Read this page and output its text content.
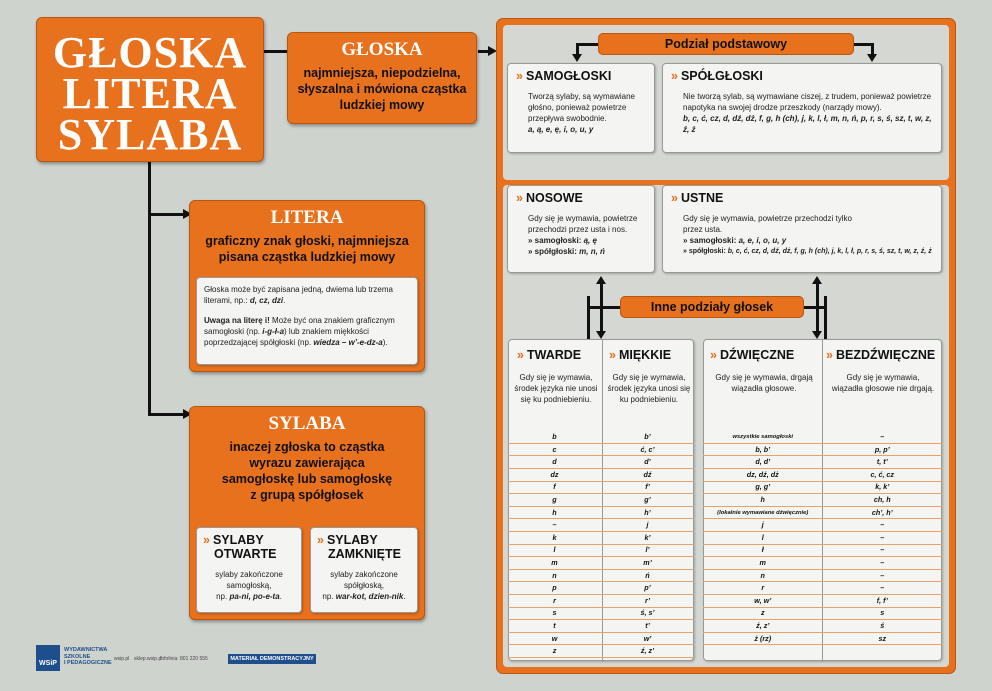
GŁOSKA
LITERA
SYLABA
GŁOSKA
najmniejsza, niepodzielna, słyszalna i mówiona cząstka ludzkiej mowy
LITERA
graficzny znak głoski, najmniejsza pisana cząstka ludzkiej mowy
Głoska może być zapisana jedną, dwiema lub trzema literami, np.: d, cz, dzi.
Uwaga na literę i! Może być ona znakiem graficznym samogłoski (np. i-g-ł-a) lub znakiem miękkości poprzedzającej spółgłoski (np. wiedza – w’-e-dz-a).
SYLABA
inaczej zgłoska to cząstka wyrazu zawierająca samogłoskę lub samogłoskę z grupą spółgłosek
» SYLABY
OTWARTE
sylaby zakończone samogłoską,
np. pa-ni, po-e-ta.
» SYLABY
ZAMKNIĘTE
sylaby zakończone spółgłoską,
np. war-kot, dzien-nik.
Podział podstawowy
» SAMOGŁOSKI
Tworzą sylaby, są wymawiane głośno, ponieważ powietrze przepływa swobodnie.
a, ą, e, ę, i, o, u, y
» SPÓŁGŁOSKI
Nie tworzą sylab, są wymawiane ciszej, z trudem, ponieważ powietrze napotyka na swojej drodze przeszkody (narządy mowy).
b, c, ć, cz, d, dź, dż, f, g, h (ch), j, k, l, ł, m, n, ń, p, r, s, ś, sz, t, w, z, ź, ż
» NOSOWE
Gdy się je wymawia, powietrze przechodzi przez usta i nos.
» samogłoski: ą, ę
» spółgłoski: m, n, ń
» USTNE
Gdy się je wymawia, powietrze przechodzi tylko przez usta.
» samogłoski: a, e, i, o, u, y
» spółgłoski: b, c, ć, cz, d, dź, dż, f, g, h (ch), j, k, l, ł, p, r, s, ś, sz, t, w, z, ź, ż
Inne podziały głosek
» TWARDE » MIĘKKIE
Gdy się je wymawia, środek języka nie unosi się ku podniebieniu.
Gdy się je wymawia, środek języka unosi się ku podniebieniu.
b	b’
c	ć, c’
d	d’
dz	dź
f	f’
g	g’
h	h’
–	j
k	k’
l	l’
m	m’
n	ń
p	p’
r	r’
s	ś, s’
t	t’
w	w’
z	ź, z’
» DŹWIĘCZNE	» BEZDŹWIĘCZNE
Gdy się je wymawia, drgają wiązadła głosowe.
Gdy się je wymawia, wiązadła głosowe nie drgają.
wszystkie samogłoski	–
b, b’	p, p’
d, d’	t, t’
dz, dź, dż	c, ć, cz
g, g’	k, k’
h	ch, h
(lokalnie wymawiane dźwięcznie)	ch’, h’
j	–
l	–
ł	–
m	–
n	–
r	–
w, w’	f, f’
z	s
ź, z’	ś
ż (rz)	sz
WSiP
WYDAWNICTWA
SZKOLNE
I PEDAGOGICZNE
wsip.pl sklep.wsip.pl
Infolinia: 801 220 555	MATERIAŁ DEMONSTRACYJNY
